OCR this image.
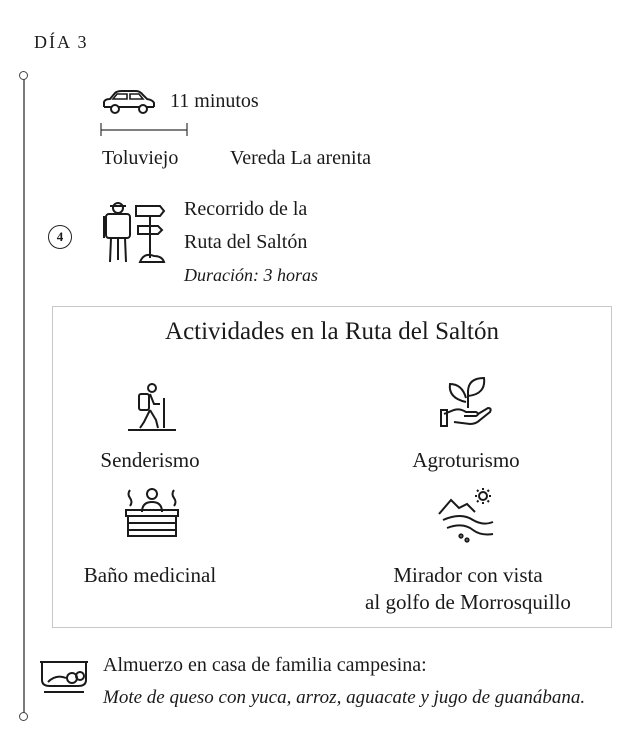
DÍA 3
11 minutos
Toluviejo	Vereda La arenita
4
Recorrido de la
Ruta del Saltón
Duración: 3 horas
Actividades en la Ruta del Saltón
Senderismo	Agroturismo
Baño medicinal	Mirador con vista
al golfo de Morrosquillo
Almuerzo en casa de familia campesina:
Mote de queso con yuca, arroz, aguacate y jugo de guanábana.
